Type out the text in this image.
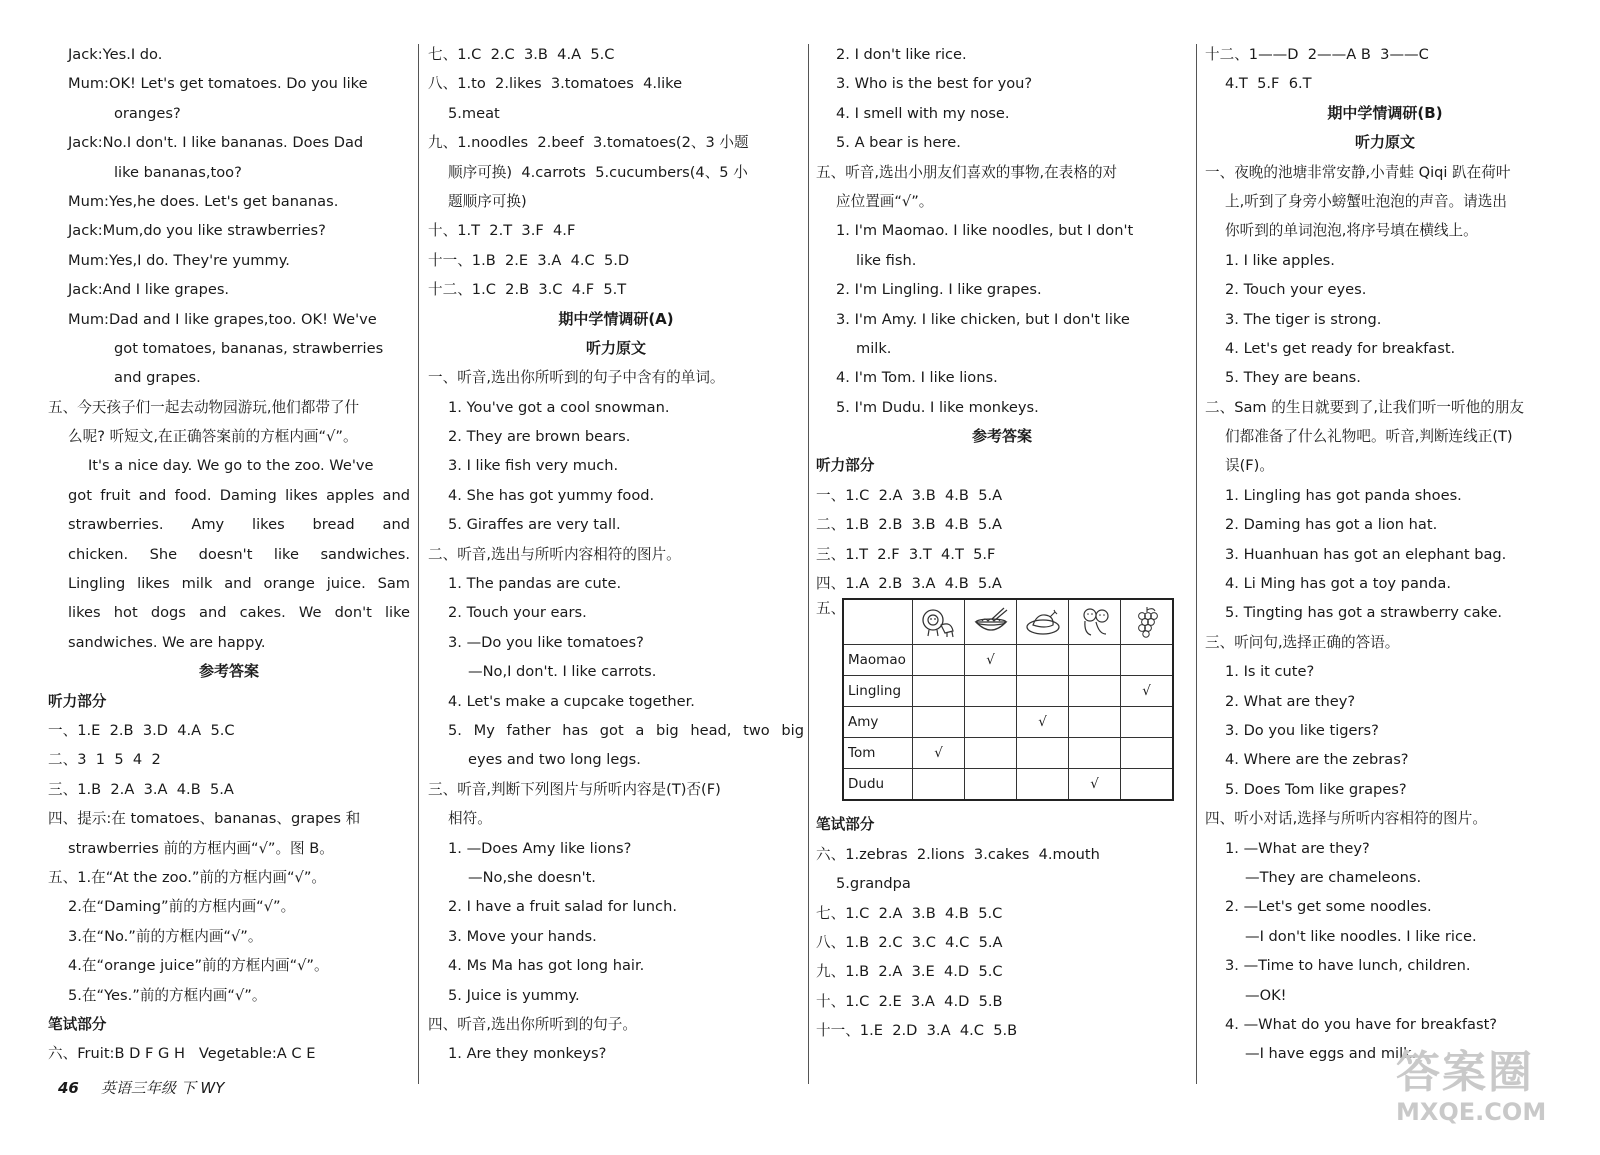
Jack:Yes.I do.
Mum:OK! Let's get tomatoes. Do you like
oranges?
Jack:No.I don't. I like bananas. Does Dad
like bananas,too?
Mum:Yes,he does. Let's get bananas.
Jack:Mum,do you like strawberries?
Mum:Yes,I do. They're yummy.
Jack:And I like grapes.
Mum:Dad and I like grapes,too. OK! We've
got tomatoes, bananas, strawberries
and grapes.
五、今天孩子们一起去动物园游玩,他们都带了什
么呢? 听短文,在正确答案前的方框内画“√”。
It's a nice day. We go to the zoo. We've
got fruit and food. Daming likes apples and
strawberries. Amy likes bread and
chicken. She doesn't like sandwiches.
Lingling likes milk and orange juice. Sam
likes hot dogs and cakes. We don't like
sandwiches. We are happy.
参考答案
听力部分
一、1.E  2.B  3.D  4.A  5.C
二、3  1  5  4  2
三、1.B  2.A  3.A  4.B  5.A
四、提示:在 tomatoes、bananas、grapes 和
strawberries 前的方框内画“√”。图 B。
五、1.在“At the zoo.”前的方框内画“√”。
2.在“Daming”前的方框内画“√”。
3.在“No.”前的方框内画“√”。
4.在“orange juice”前的方框内画“√”。
5.在“Yes.”前的方框内画“√”。
笔试部分
六、Fruit:B D F G H   Vegetable:A C E
七、1.C  2.C  3.B  4.A  5.C
八、1.to  2.likes  3.tomatoes  4.like
5.meat
九、1.noodles  2.beef  3.tomatoes(2、3 小题
顺序可换)  4.carrots  5.cucumbers(4、5 小
题顺序可换)
十、1.T  2.T  3.F  4.F
十一、1.B  2.E  3.A  4.C  5.D
十二、1.C  2.B  3.C  4.F  5.T
期中学情调研(A)
听力原文
一、听音,选出你所听到的句子中含有的单词。
1. You've got a cool snowman.
2. They are brown bears.
3. I like fish very much.
4. She has got yummy food.
5. Giraffes are very tall.
二、听音,选出与所听内容相符的图片。
1. The pandas are cute.
2. Touch your ears.
3. —Do you like tomatoes?
—No,I don't. I like carrots.
4. Let's make a cupcake together.
5. My father has got a big head, two big
eyes and two long legs.
三、听音,判断下列图片与所听内容是(T)否(F)
相符。
1. —Does Amy like lions?
—No,she doesn't.
2. I have a fruit salad for lunch.
3. Move your hands.
4. Ms Ma has got long hair.
5. Juice is yummy.
四、听音,选出你所听到的句子。
1. Are they monkeys?
2. I don't like rice.
3. Who is the best for you?
4. I smell with my nose.
5. A bear is here.
五、听音,选出小朋友们喜欢的事物,在表格的对
应位置画“√”。
1. I'm Maomao. I like noodles, but I don't
like fish.
2. I'm Lingling. I like grapes.
3. I'm Amy. I like chicken, but I don't like
milk.
4. I'm Tom. I like lions.
5. I'm Dudu. I like monkeys.
参考答案
听力部分
一、1.C  2.A  3.B  4.B  5.A
二、1.B  2.B  3.B  4.B  5.A
三、1.T  2.F  3.T  4.T  5.F
四、1.A  2.B  3.A  4.B  5.A
五、

Maomao		√			
Lingling					√
Amy			√		
Tom	√				
Dudu				√	
笔试部分
六、1.zebras  2.lions  3.cakes  4.mouth
5.grandpa
七、1.C  2.A  3.B  4.B  5.C
八、1.B  2.C  3.C  4.C  5.A
九、1.B  2.A  3.E  4.D  5.C
十、1.C  2.E  3.A  4.D  5.B
十一、1.E  2.D  3.A  4.C  5.B
十二、1——D  2——A B  3——C
4.T  5.F  6.T
期中学情调研(B)
听力原文
一、夜晚的池塘非常安静,小青蛙 Qiqi 趴在荷叶
上,听到了身旁小螃蟹吐泡泡的声音。请选出
你听到的单词泡泡,将序号填在横线上。
1. I like apples.
2. Touch your eyes.
3. The tiger is strong.
4. Let's get ready for breakfast.
5. They are beans.
二、Sam 的生日就要到了,让我们听一听他的朋友
们都准备了什么礼物吧。听音,判断连线正(T)
误(F)。
1. Lingling has got panda shoes.
2. Daming has got a lion hat.
3. Huanhuan has got an elephant bag.
4. Li Ming has got a toy panda.
5. Tingting has got a strawberry cake.
三、听问句,选择正确的答语。
1. Is it cute?
2. What are they?
3. Do you like tigers?
4. Where are the zebras?
5. Does Tom like grapes?
四、听小对话,选择与所听内容相符的图片。
1. —What are they?
—They are chameleons.
2. —Let's get some noodles.
—I don't like noodles. I like rice.
3. —Time to have lunch, children.
—OK!
4. —What do you have for breakfast?
—I have eggs and milk.
46 英语三年级 下 WY	答案圈
MXQE.COM
